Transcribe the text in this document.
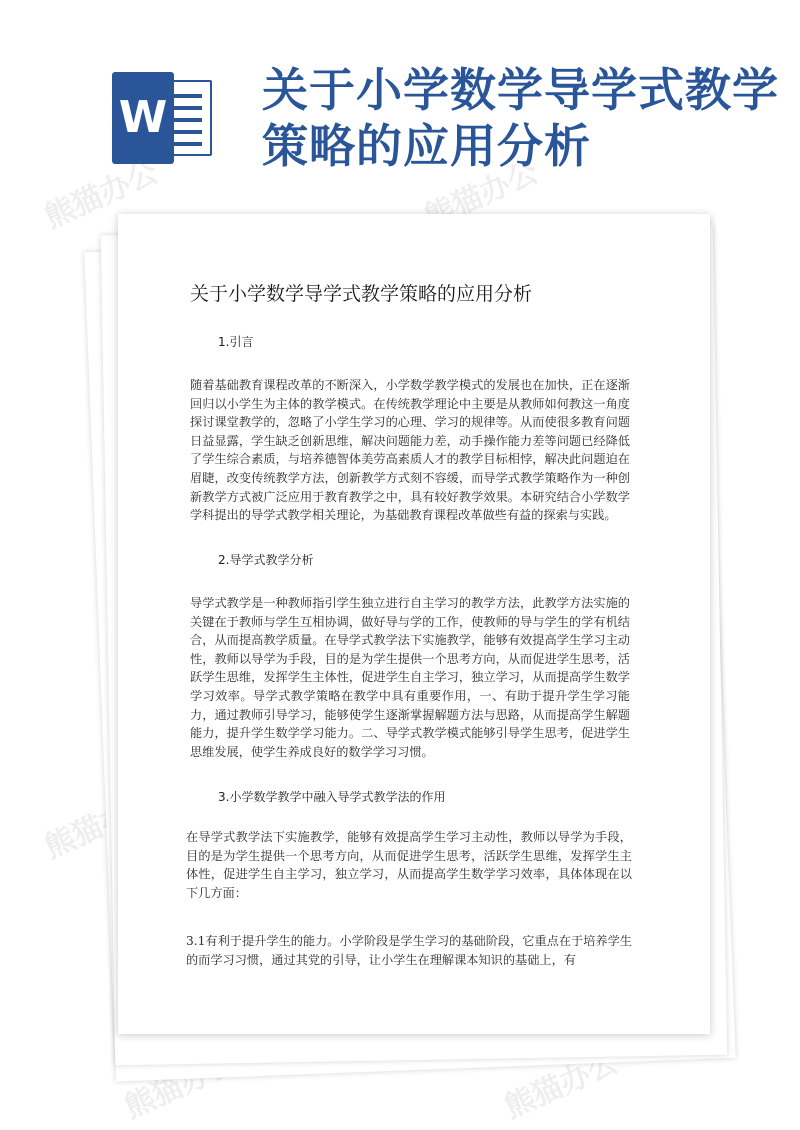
W
关于小学数学导学式教学策略的应用分析
熊猫办公	熊猫办公
熊猫办公
熊猫办公	熊猫办公
关于小学数学导学式教学策略的应用分析
1.引言
随着基础教育课程改革的不断深入，小学数学教学模式的发展也在加快，正在逐渐回归以小学生为主体的教学模式。在传统教学理论中主要是从教师如何教这一角度探讨课堂教学的，忽略了小学生学习的心理、学习的规律等。从而使很多教育问题日益显露，学生缺乏创新思维，解决问题能力差，动手操作能力差等问题已经降低了学生综合素质，与培养德智体美劳高素质人才的教学目标相悖，解决此问题迫在眉睫，改变传统教学方法，创新教学方式刻不容缓，而导学式教学策略作为一种创新教学方式被广泛应用于教育教学之中，具有较好教学效果。本研究结合小学数学学科提出的导学式教学相关理论，为基础教育课程改革做些有益的探索与实践。
2.导学式教学分析
导学式教学是一种教师指引学生独立进行自主学习的教学方法，此教学方法实施的关键在于教师与学生互相协调，做好导与学的工作，使教师的导与学生的学有机结合，从而提高教学质量。在导学式教学法下实施教学，能够有效提高学生学习主动性，教师以导学为手段，目的是为学生提供一个思考方向，从而促进学生思考，活跃学生思维，发挥学生主体性，促进学生自主学习，独立学习，从而提高学生数学学习效率。导学式教学策略在教学中具有重要作用，一、有助于提升学生学习能力，通过教师引导学习，能够使学生逐渐掌握解题方法与思路，从而提高学生解题能力，提升学生数学学习能力。二、导学式教学模式能够引导学生思考，促进学生思维发展，使学生养成良好的数学学习习惯。
3.小学数学教学中融入导学式教学法的作用
在导学式教学法下实施教学，能够有效提高学生学习主动性，教师以导学为手段，目的是为学生提供一个思考方向，从而促进学生思考，活跃学生思维，发挥学生主体性，促进学生自主学习，独立学习，从而提高学生数学学习效率，具体体现在以下几方面：
3.1有利于提升学生的能力。小学阶段是学生学习的基础阶段，它重点在于培养学生的而学习习惯，通过其党的引导，让小学生在理解课本知识的基础上，有
